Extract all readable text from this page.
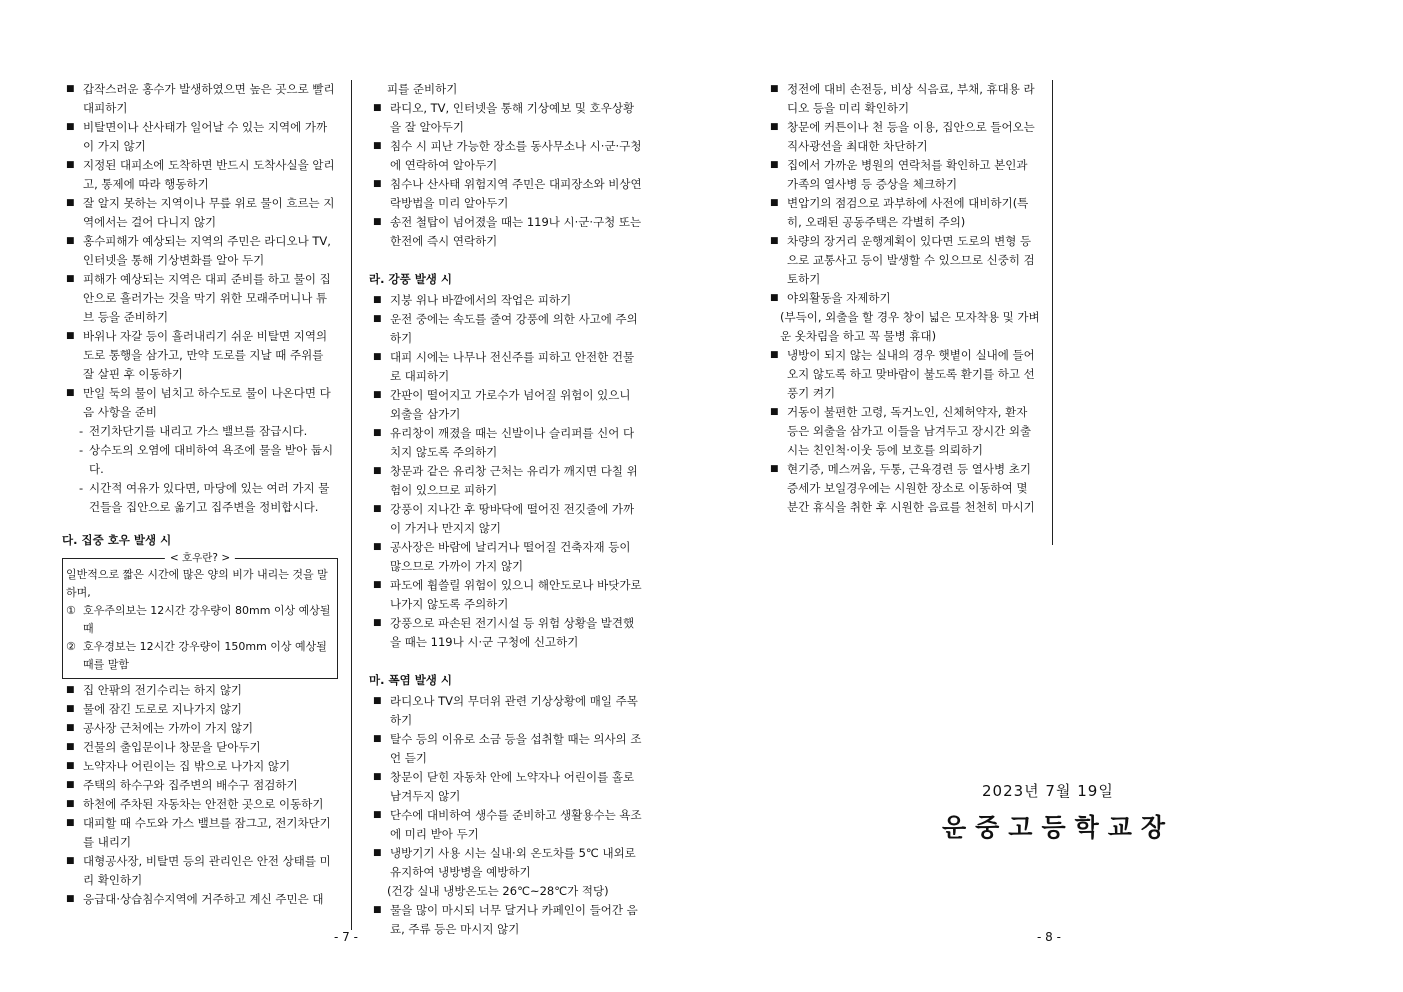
■ 갑작스러운 홍수가 발생하였으면 높은 곳으로 빨리 대피하기
■ 비탈면이나 산사태가 일어날 수 있는 지역에 가까이 가지 않기
■ 지정된 대피소에 도착하면 반드시 도착사실을 알리고, 통제에 따라 행동하기
■ 잘 알지 못하는 지역이나 무릎 위로 물이 흐르는 지역에서는 걸어 다니지 않기
■ 홍수피해가 예상되는 지역의 주민은 라디오나 TV, 인터넷을 통해 기상변화를 알아 두기
■ 피해가 예상되는 지역은 대피 준비를 하고 물이 집안으로 흘러가는 것을 막기 위한 모래주머니나 튜브 등을 준비하기
■ 바위나 자갈 등이 흘러내리기 쉬운 비탈면 지역의 도로 통행을 삼가고, 만약 도로를 지날 때 주위를 잘 살핀 후 이동하기
■ 만일 둑의 물이 넘치고 하수도로 물이 나온다면 다음 사항을 준비
- 전기차단기를 내리고 가스 밸브를 잠급시다.
- 상수도의 오염에 대비하여 욕조에 물을 받아 둡시다.
- 시간적 여유가 있다면, 마당에 있는 여러 가지 물건들을 집안으로 옮기고 집주변을 정비합시다.
다. 집중 호우 발생 시
< 호우란? >
일반적으로 짧은 시간에 많은 양의 비가 내리는 것을 말하며,
① 호우주의보는 12시간 강우량이 80mm 이상 예상될 때
② 호우경보는 12시간 강우량이 150mm 이상 예상될 때를 말함
■ 집 안팎의 전기수리는 하지 않기
■ 물에 잠긴 도로로 지나가지 않기
■ 공사장 근처에는 가까이 가지 않기
■ 건물의 출입문이나 창문을 닫아두기
■ 노약자나 어린이는 집 밖으로 나가지 않기
■ 주택의 하수구와 집주변의 배수구 점검하기
■ 하천에 주차된 자동차는 안전한 곳으로 이동하기
■ 대피할 때 수도와 가스 밸브를 잠그고, 전기차단기를 내리기
■ 대형공사장, 비탈면 등의 관리인은 안전 상태를 미리 확인하기
■ 응급대·상습침수지역에 거주하고 계신 주민은 대
피를 준비하기
■ 라디오, TV, 인터넷을 통해 기상예보 및 호우상황을 잘 알아두기
■ 침수 시 피난 가능한 장소를 동사무소나 시·군·구청에 연락하여 알아두기
■ 침수나 산사태 위험지역 주민은 대피장소와 비상연락방법을 미리 알아두기
■ 송전 철탑이 넘어졌을 때는 119나 시·군·구청 또는 한전에 즉시 연락하기
라. 강풍 발생 시
■ 지붕 위나 바깥에서의 작업은 피하기
■ 운전 중에는 속도를 줄여 강풍에 의한 사고에 주의하기
■ 대피 시에는 나무나 전신주를 피하고 안전한 건물로 대피하기
■ 간판이 떨어지고 가로수가 넘어질 위험이 있으니 외출을 삼가기
■ 유리창이 깨졌을 때는 신발이나 슬리퍼를 신어 다치지 않도록 주의하기
■ 창문과 같은 유리창 근처는 유리가 깨지면 다칠 위험이 있으므로 피하기
■ 강풍이 지나간 후 땅바닥에 떨어진 전깃줄에 가까이 가거나 만지지 않기
■ 공사장은 바람에 날리거나 떨어질 건축자재 등이 많으므로 가까이 가지 않기
■ 파도에 휩쓸릴 위험이 있으니 해안도로나 바닷가로 나가지 않도록 주의하기
■ 강풍으로 파손된 전기시설 등 위험 상황을 발견했을 때는 119나 시·군 구청에 신고하기
마. 폭염 발생 시
■ 라디오나 TV의 무더위 관련 기상상황에 매일 주목하기
■ 탈수 등의 이유로 소금 등을 섭취할 때는 의사의 조언 듣기
■ 창문이 닫힌 자동차 안에 노약자나 어린이를 홀로 남겨두지 않기
■ 단수에 대비하여 생수를 준비하고 생활용수는 욕조에 미리 받아 두기
■ 냉방기기 사용 시는 실내·외 온도차를 5℃ 내외로 유지하여 냉방병을 예방하기
(건강 실내 냉방온도는 26℃~28℃가 적당)
■ 물을 많이 마시되 너무 달거나 카페인이 들어간 음료, 주류 등은 마시지 않기
■ 정전에 대비 손전등, 비상 식음료, 부채, 휴대용 라디오 등을 미리 확인하기
■ 창문에 커튼이나 천 등을 이용, 집안으로 들어오는 직사광선을 최대한 차단하기
■ 집에서 가까운 병원의 연락처를 확인하고 본인과 가족의 열사병 등 증상을 체크하기
■ 변압기의 점검으로 과부하에 사전에 대비하기(특히, 오래된 공동주택은 각별히 주의)
■ 차량의 장거리 운행계획이 있다면 도로의 변형 등으로 교통사고 등이 발생할 수 있으므로 신중히 검토하기
■ 야외활동을 자제하기
(부득이, 외출을 할 경우 창이 넓은 모자착용 및 가벼운 옷차림을 하고 꼭 물병 휴대)
■ 냉방이 되지 않는 실내의 경우 햇볕이 실내에 들어오지 않도록 하고 맞바람이 불도록 환기를 하고 선풍기 켜기
■ 거동이 불편한 고령, 독거노인, 신체허약자, 환자 등은 외출을 삼가고 이들을 남겨두고 장시간 외출 시는 친인척·이웃 등에 보호를 의뢰하기
■ 현기증, 메스꺼움, 두통, 근육경련 등 열사병 초기증세가 보일경우에는 시원한 장소로 이동하여 몇 분간 휴식을 취한 후 시원한 음료를 천천히 마시기
2023년 7월 19일
운중고등학교장
- 7 -	- 8 -
